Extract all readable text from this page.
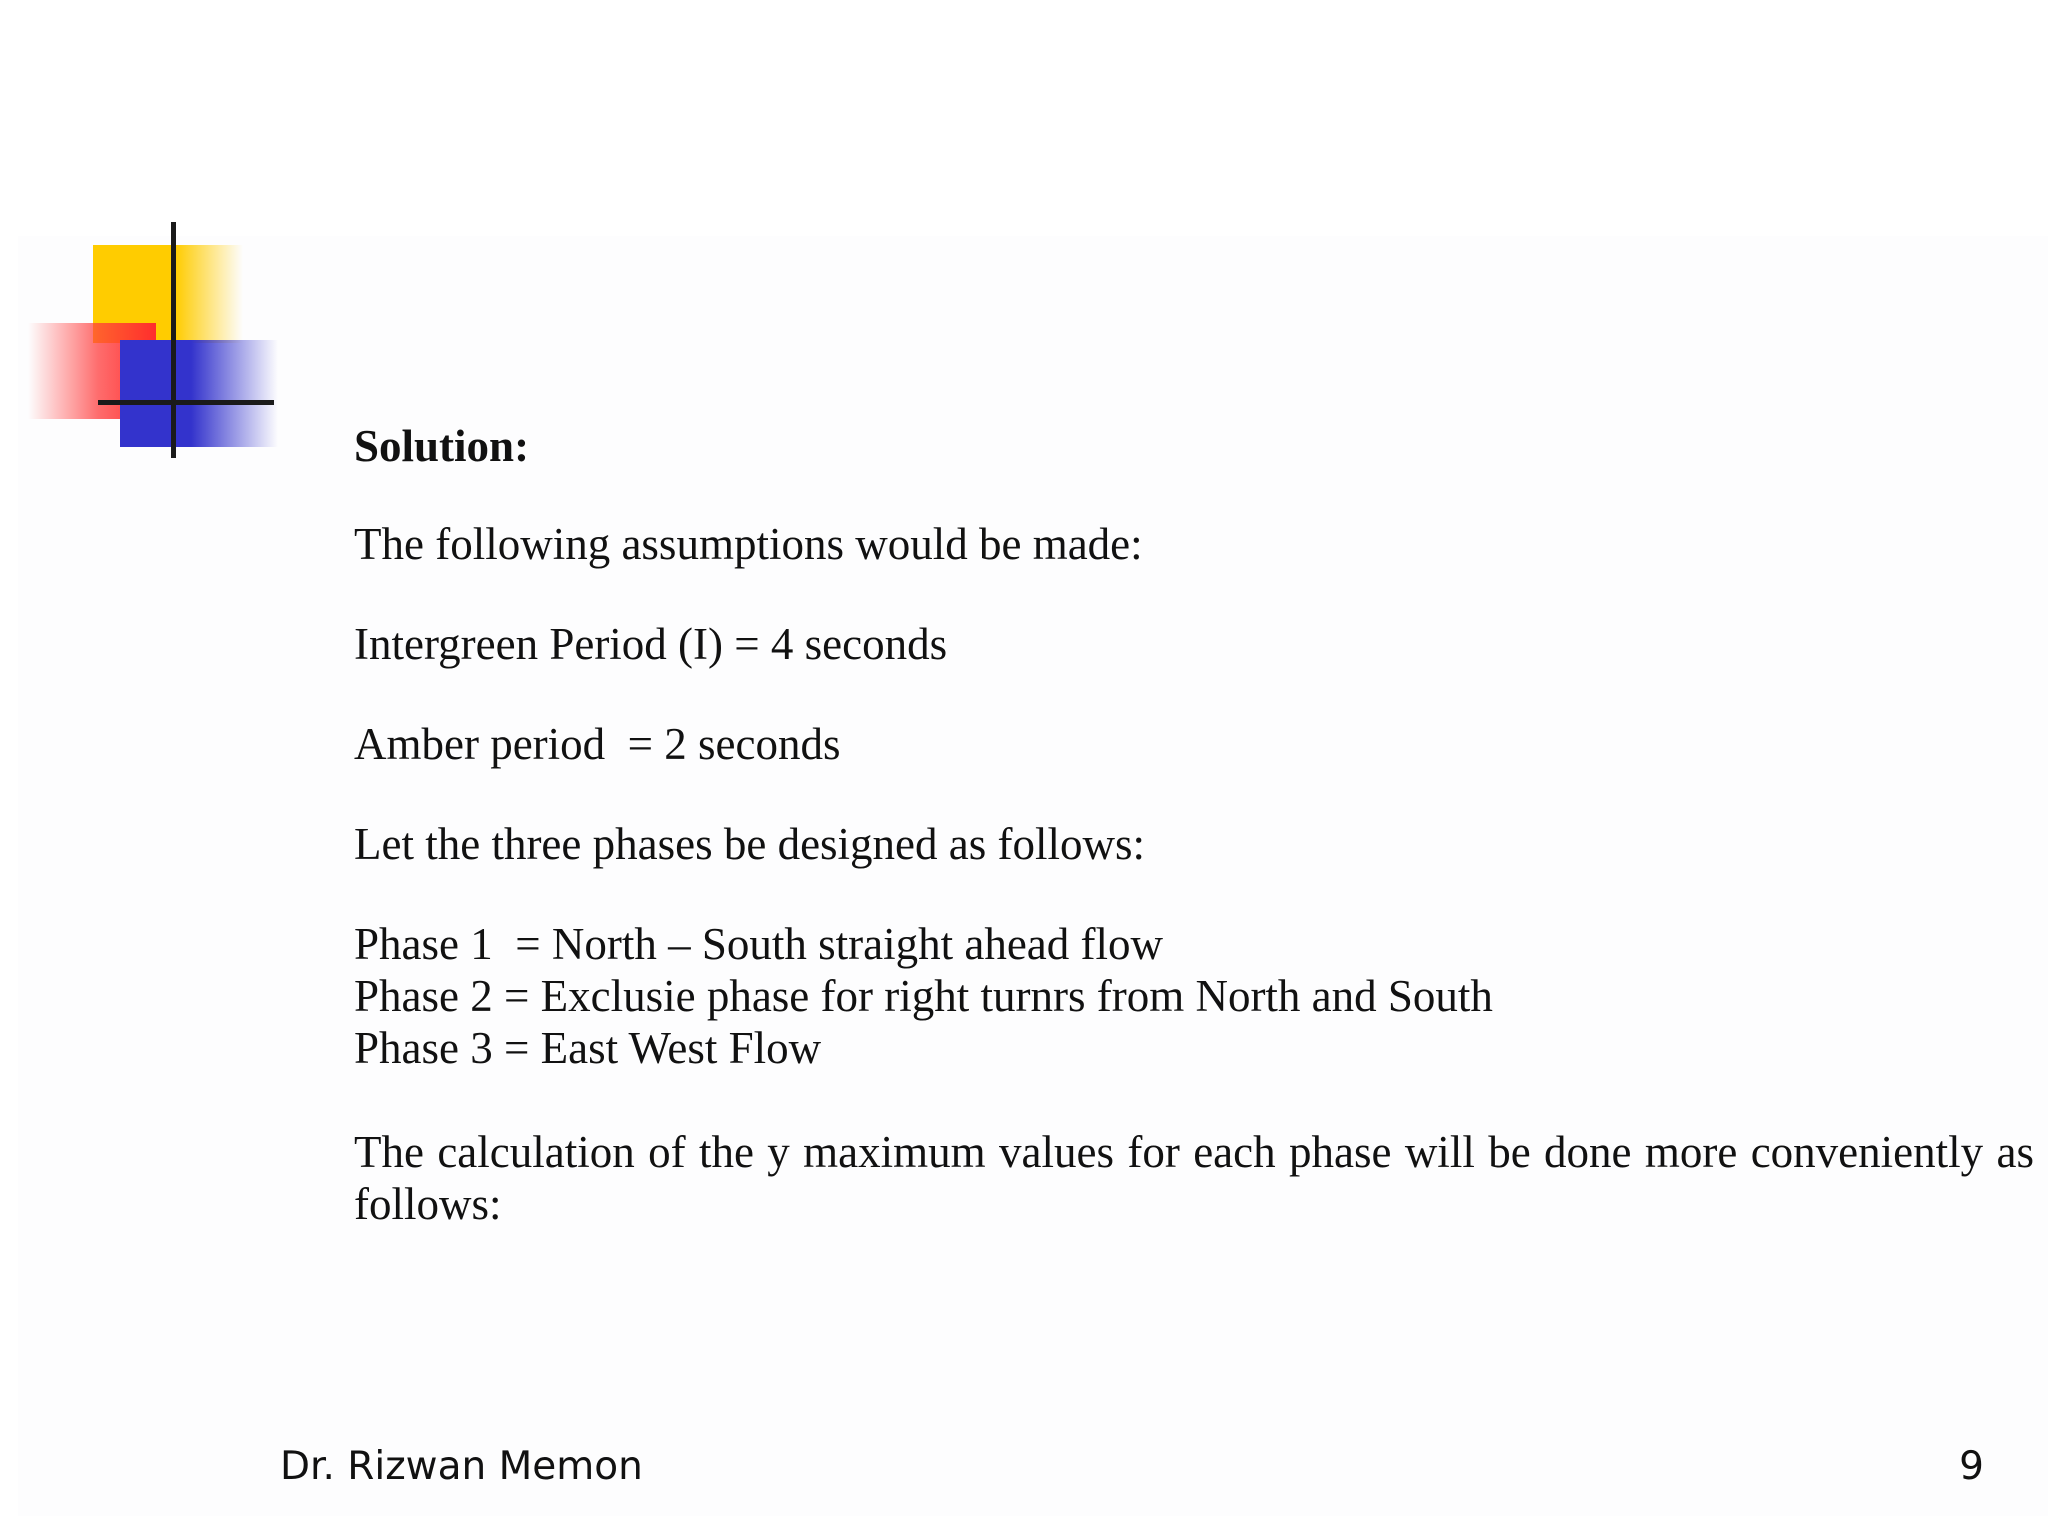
Solution:

The following assumptions would be made:

Intergreen Period (I) = 4 seconds

Amber period  = 2 seconds

Let the three phases be designed as follows:

Phase 1  = North – South straight ahead flow
Phase 2 = Exclusie phase for right turnrs from North and South
Phase 3 = East West Flow

The calculation of the y maximum values for each phase will be done more conveniently as follows:

Dr. Rizwan Memon	9
